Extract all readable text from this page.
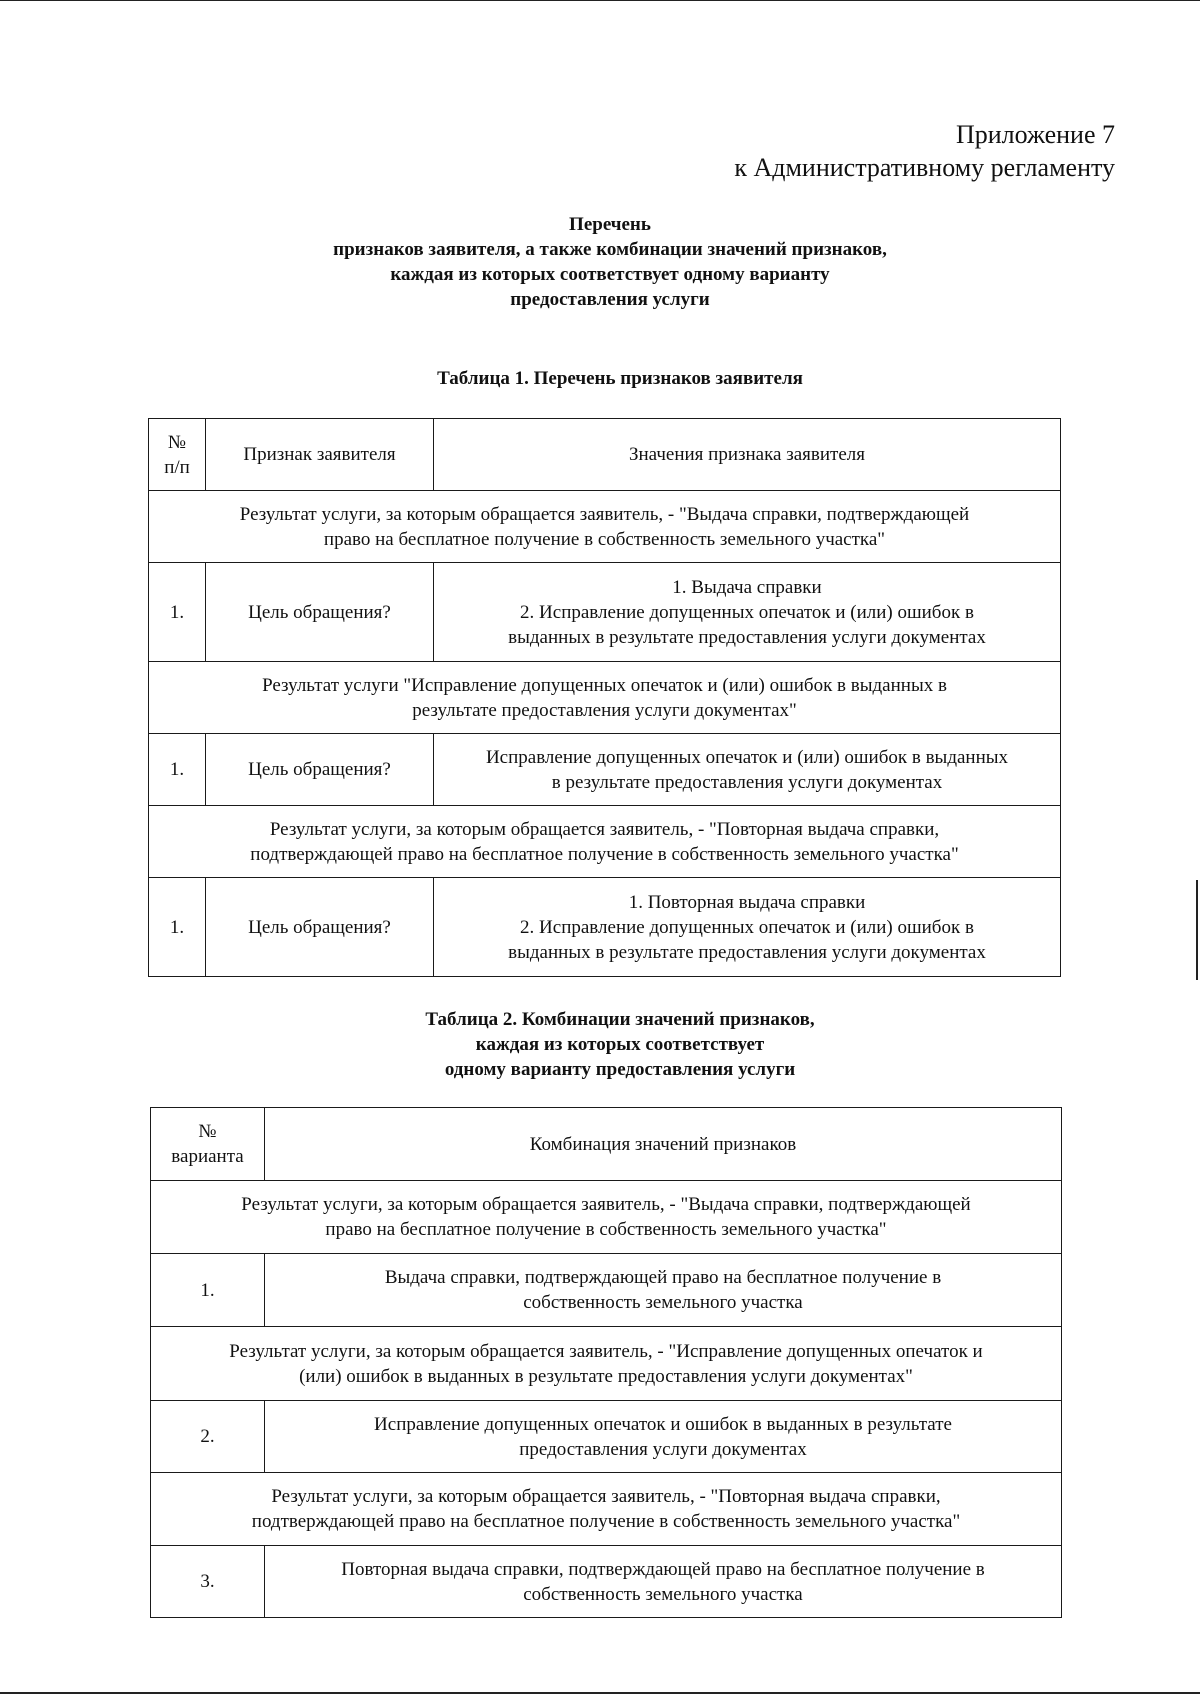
Приложение 7
к Административному регламенту
Перечень
признаков заявителя, а также комбинации значений признаков,
каждая из которых соответствует одному варианту
предоставления услуги
Таблица 1. Перечень признаков заявителя
№
п/п	Признак заявителя	Значения признака заявителя

Результат услуги, за которым обращается заявитель, - "Выдача справки, подтверждающей
право на бесплатное получение в собственность земельного участка"		

1.	Цель обращения?	1. Выдача справки
2. Исправление допущенных опечаток и (или) ошибок в
выданных в результате предоставления услуги документах

Результат услуги "Исправление допущенных опечаток и (или) ошибок в выданных в
результате предоставления услуги документах"		

1.	Цель обращения?	Исправление допущенных опечаток и (или) ошибок в выданных
в результате предоставления услуги документах

Результат услуги, за которым обращается заявитель, - "Повторная выдача справки,
подтверждающей право на бесплатное получение в собственность земельного участка"		

1.	Цель обращения?	1. Повторная выдача справки
2. Исправление допущенных опечаток и (или) ошибок в
выданных в результате предоставления услуги документах
Таблица 2. Комбинации значений признаков,
каждая из которых соответствует
одному варианту предоставления услуги
№
варианта	Комбинация значений признаков

Результат услуги, за которым обращается заявитель, - "Выдача справки, подтверждающей
право на бесплатное получение в собственность земельного участка"	

1.	Выдача справки, подтверждающей право на бесплатное получение в
собственность земельного участка

Результат услуги, за которым обращается заявитель, - "Исправление допущенных опечаток и
(или) ошибок в выданных в результате предоставления услуги документах"	

2.	Исправление допущенных опечаток и ошибок в выданных в результате
предоставления услуги документах

Результат услуги, за которым обращается заявитель, - "Повторная выдача справки,
подтверждающей право на бесплатное получение в собственность земельного участка"	

3.	Повторная выдача справки, подтверждающей право на бесплатное получение в
собственность земельного участка
